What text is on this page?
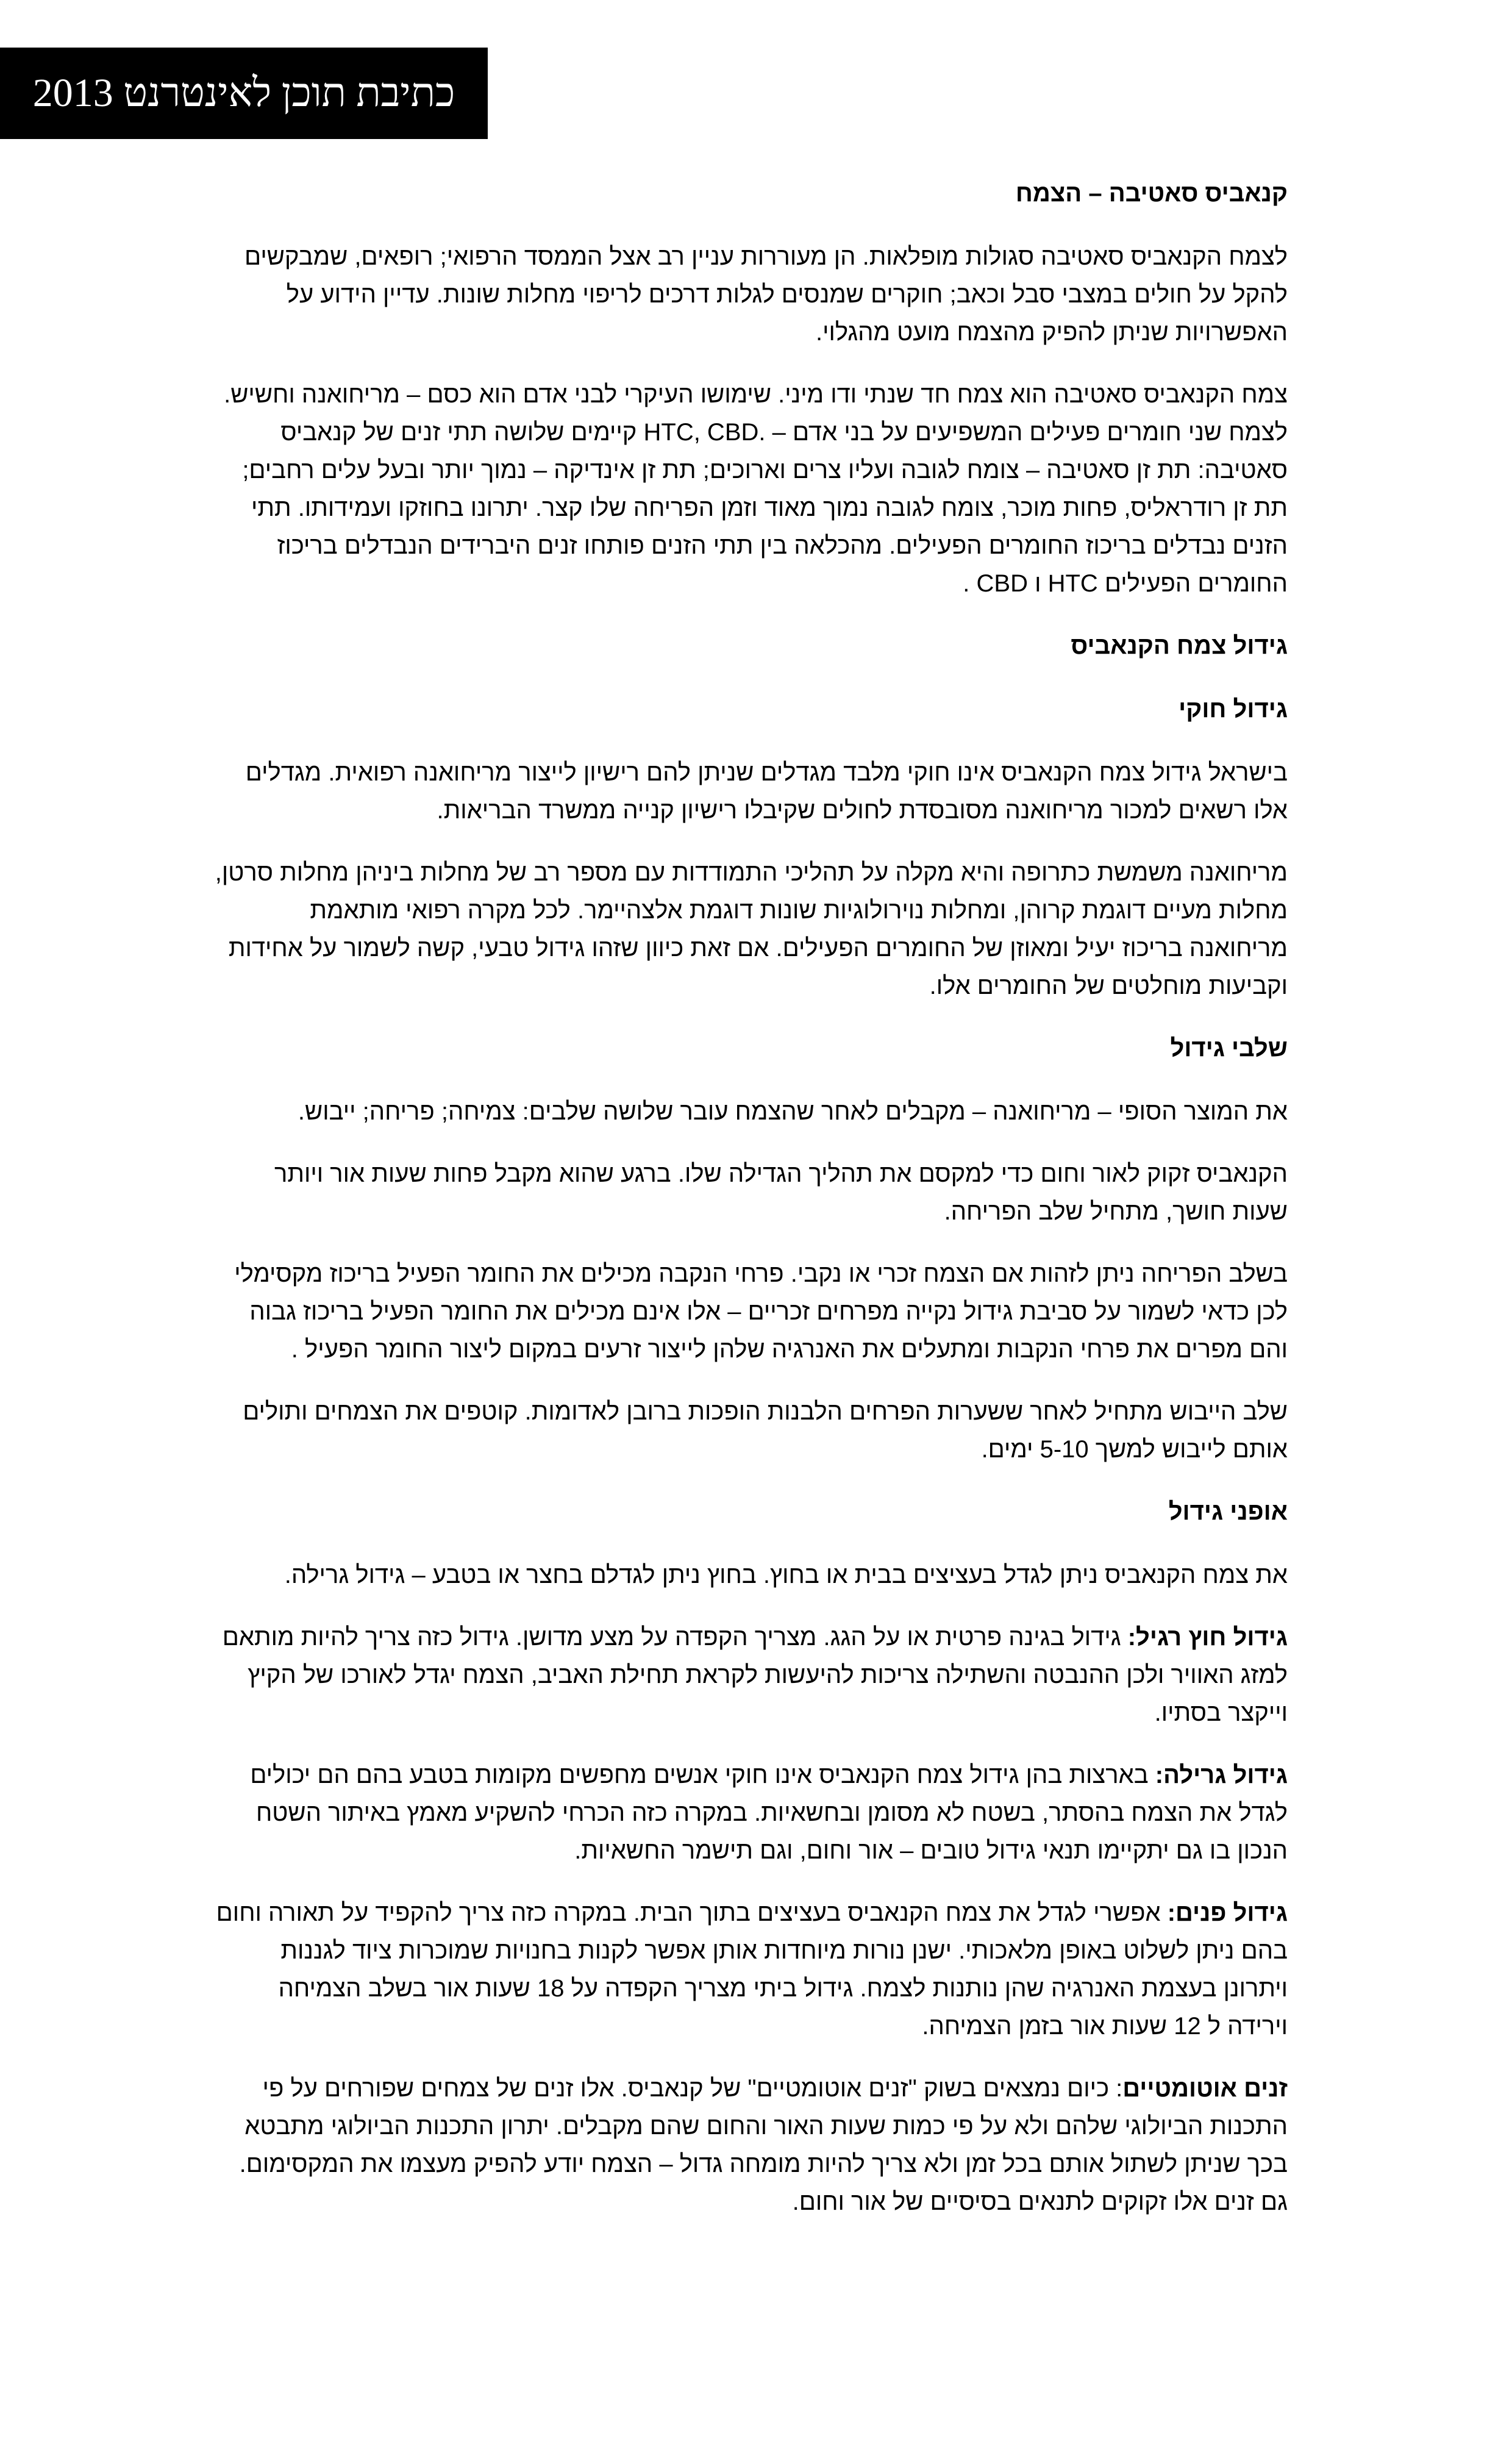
כתיבת תוכן לאינטרנט 2013
קנאביס סאטיבה – הצמח

לצמח הקנאביס סאטיבה סגולות מופלאות. הן מעוררות עניין רב אצל הממסד הרפואי; רופאים, שמבקשים להקל על חולים במצבי סבל וכאב; חוקרים שמנסים לגלות דרכים לריפוי מחלות שונות. עדיין הידוע על האפשרויות שניתן להפיק מהצמח מועט מהגלוי.

צמח הקנאביס סאטיבה הוא צמח חד שנתי ודו מיני. שימושו העיקרי לבני אדם הוא כסם – מריחואנה וחשיש. לצמח שני חומרים פעילים המשפיעים על בני אדם – .HTC, CBD קיימים שלושה תתי זנים של קנאביס סאטיבה: תת זן סאטיבה – צומח לגובה ועליו צרים וארוכים; תת זן אינדיקה – נמוך יותר ובעל עלים רחבים; תת זן רודראליס, פחות מוכר, צומח לגובה נמוך מאוד וזמן הפריחה שלו קצר. יתרונו בחוזקו ועמידותו. תתי הזנים נבדלים בריכוז החומרים הפעילים. מהכלאה בין תתי הזנים פותחו זנים היברידים הנבדלים בריכוז החומרים הפעילים HTC ו CBD .

גידול צמח הקנאביס
גידול חוקי

בישראל גידול צמח הקנאביס אינו חוקי מלבד מגדלים שניתן להם רישיון לייצור מריחואנה רפואית. מגדלים אלו רשאים למכור מריחואנה מסובסדת לחולים שקיבלו רישיון קנייה ממשרד הבריאות.

מריחואנה משמשת כתרופה והיא מקלה על תהליכי התמודדות עם מספר רב של מחלות ביניהן מחלות סרטן, מחלות מעיים דוגמת קרוהן, ומחלות נוירולוגיות שונות דוגמת אלצהיימר. לכל מקרה רפואי מותאמת מריחואנה בריכוז יעיל ומאוזן של החומרים הפעילים. אם זאת כיוון שזהו גידול טבעי, קשה לשמור על אחידות וקביעות מוחלטים של החומרים אלו.

שלבי גידול

את המוצר הסופי – מריחואנה – מקבלים לאחר שהצמח עובר שלושה שלבים: צמיחה; פריחה; ייבוש.

הקנאביס זקוק לאור וחום כדי למקסם את תהליך הגדילה שלו. ברגע שהוא מקבל פחות שעות אור ויותר שעות חושך, מתחיל שלב הפריחה.

בשלב הפריחה ניתן לזהות אם הצמח זכרי או נקבי. פרחי הנקבה מכילים את החומר הפעיל בריכוז מקסימלי לכן כדאי לשמור על סביבת גידול נקייה מפרחים זכריים – אלו אינם מכילים את החומר הפעיל בריכוז גבוה והם מפרים את פרחי הנקבות ומתעלים את האנרגיה שלהן לייצור זרעים במקום ליצור החומר הפעיל .

שלב הייבוש מתחיל לאחר ששערות הפרחים הלבנות הופכות ברובן לאדומות. קוטפים את הצמחים ותולים אותם לייבוש למשך 5-10 ימים.

אופני גידול

את צמח הקנאביס ניתן לגדל בעציצים בבית או בחוץ. בחוץ ניתן לגדלם בחצר או בטבע – גידול גרילה.

גידול חוץ רגיל: גידול בגינה פרטית או על הגג. מצריך הקפדה על מצע מדושן. גידול כזה צריך להיות מותאם למזג האוויר ולכן ההנבטה והשתילה צריכות להיעשות לקראת תחילת האביב, הצמח יגדל לאורכו של הקיץ וייקצר בסתיו.

גידול גרילה: בארצות בהן גידול צמח הקנאביס אינו חוקי אנשים מחפשים מקומות בטבע בהם הם יכולים לגדל את הצמח בהסתר, בשטח לא מסומן ובחשאיות. במקרה כזה הכרחי להשקיע מאמץ באיתור השטח הנכון בו גם יתקיימו תנאי גידול טובים – אור וחום, וגם תישמר החשאיות.

גידול פנים: אפשרי לגדל את צמח הקנאביס בעציצים בתוך הבית. במקרה כזה צריך להקפיד על תאורה וחום בהם ניתן לשלוט באופן מלאכותי. ישנן נורות מיוחדות אותן אפשר לקנות בחנויות שמוכרות ציוד לגננות ויתרונן בעצמת האנרגיה שהן נותנות לצמח. גידול ביתי מצריך הקפדה על 18 שעות אור בשלב הצמיחה וירידה ל 12 שעות אור בזמן הצמיחה.

זנים אוטומטיים: כיום נמצאים בשוק "זנים אוטומטיים" של קנאביס. אלו זנים של צמחים שפורחים על פי התכנות הביולוגי שלהם ולא על פי כמות שעות האור והחום שהם מקבלים. יתרון התכנות הביולוגי מתבטא בכך שניתן לשתול אותם בכל זמן ולא צריך להיות מומחה גדול – הצמח יודע להפיק מעצמו את המקסימום. גם זנים אלו זקוקים לתנאים בסיסיים של אור וחום.
